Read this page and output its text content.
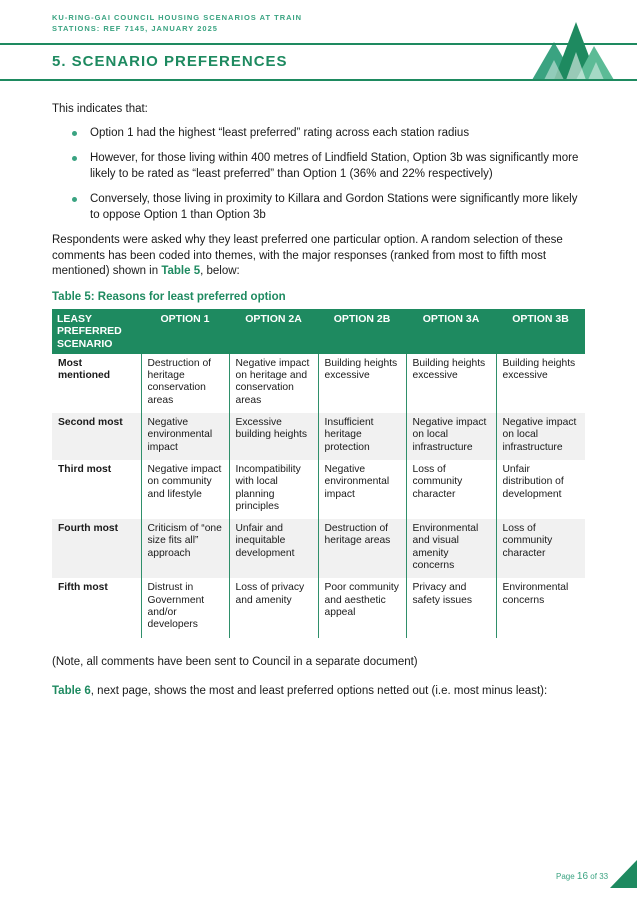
KU-RING-GAI COUNCIL HOUSING SCENARIOS AT TRAIN
STATIONS: REF 7145, JANUARY 2025
5. SCENARIO PREFERENCES

This indicates that:

Option 1 had the highest “least preferred” rating across each station radius
However, for those living within 400 metres of Lindfield Station, Option 3b was significantly more likely to be rated as “least preferred” than Option 1 (36% and 22% respectively)
Conversely, those living in proximity to Killara and Gordon Stations were significantly more likely to oppose Option 1 than Option 3b

Respondents were asked why they least preferred one particular option. A random selection of these comments has been coded into themes, with the major responses (ranked from most to fifth most mentioned) shown in Table 5, below:

Table 5: Reasons for least preferred option
LEASY PREFERRED SCENARIO	OPTION 1	OPTION 2A	OPTION 2B	OPTION 3A	OPTION 3B
Most mentioned	Destruction of heritage conservation areas	Negative impact on heritage and conservation areas	Building heights excessive	Building heights excessive	Building heights excessive
Second most	Negative environmental impact	Excessive building heights	Insufficient heritage protection	Negative impact on local infrastructure	Negative impact on local infrastructure
Third most	Negative impact on community and lifestyle	Incompatibility with local planning principles	Negative environmental impact	Loss of community character	Unfair distribution of development
Fourth most	Criticism of “one size fits all” approach	Unfair and inequitable development	Destruction of heritage areas	Environmental and visual amenity concerns	Loss of community character
Fifth most	Distrust in Government and/or developers	Loss of privacy and amenity	Poor community and aesthetic appeal	Privacy and safety issues	Environmental concerns

(Note, all comments have been sent to Council in a separate document)

Table 6, next page, shows the most and least preferred options netted out (i.e. most minus least):

Page 16 of 33
